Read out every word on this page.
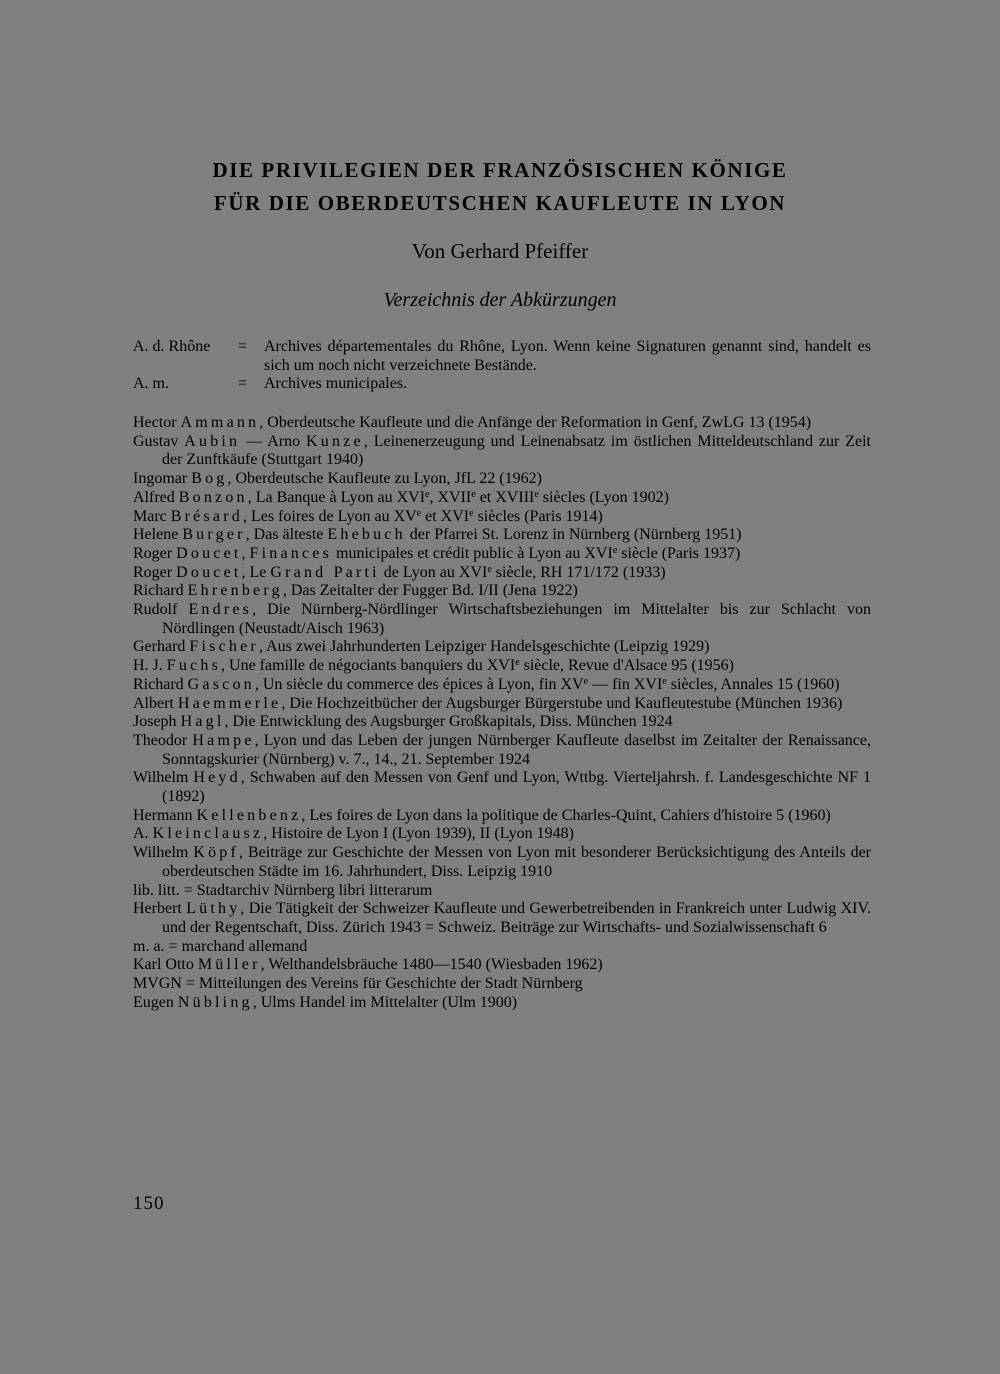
DIE PRIVILEGIEN DER FRANZÖSISCHEN KÖNIGE
FÜR DIE OBERDEUTSCHEN KAUFLEUTE IN LYON
Von Gerhard Pfeiffer
Verzeichnis der Abkürzungen
A. d. Rhône = Archives départementales du Rhône, Lyon. Wenn keine Signaturen genannt sind, handelt es sich um noch nicht verzeichnete Bestände.
A. m.	= Archives municipales.
Hector Ammann, Oberdeutsche Kaufleute und die Anfänge der Reformation in Genf, ZwLG 13 (1954)
Gustav Aubin — Arno Kunze, Leinenerzeugung und Leinenabsatz im östlichen Mitteldeutschland zur Zeit der Zunftkäufe (Stuttgart 1940)
Ingomar Bog, Oberdeutsche Kaufleute zu Lyon, JfL 22 (1962)
Alfred Bonzon, La Banque à Lyon au XVIe, XVIIe et XVIIIe siècles (Lyon 1902)
Marc Brésard, Les foires de Lyon au XVe et XVIe siècles (Paris 1914)
Helene Burger, Das älteste Ehebuch der Pfarrei St. Lorenz in Nürnberg (Nürnberg 1951)
Roger Doucet, Finances municipales et crédit public à Lyon au XVIe siècle (Paris 1937)
Roger Doucet, Le Grand Parti de Lyon au XVIe siècle, RH 171/172 (1933)
Richard Ehrenberg, Das Zeitalter der Fugger Bd. I/II (Jena 1922)
Rudolf Endres, Die Nürnberg-Nördlinger Wirtschaftsbeziehungen im Mittelalter bis zur Schlacht von Nördlingen (Neustadt/Aisch 1963)
Gerhard Fischer, Aus zwei Jahrhunderten Leipziger Handelsgeschichte (Leipzig 1929)
H. J. Fuchs, Une famille de négociants banquiers du XVIe siècle, Revue d'Alsace 95 (1956)
Richard Gascon, Un siècle du commerce des épices à Lyon, fin XVe — fin XVIe siècles, Annales 15 (1960)
Albert Haemmerle, Die Hochzeitbücher der Augsburger Bürgerstube und Kaufleutestube (München 1936)
Joseph Hagl, Die Entwicklung des Augsburger Großkapitals, Diss. München 1924
Theodor Hampe, Lyon und das Leben der jungen Nürnberger Kaufleute daselbst im Zeitalter der Renaissance, Sonntagskurier (Nürnberg) v. 7., 14., 21. September 1924
Wilhelm Heyd, Schwaben auf den Messen von Genf und Lyon, Wttbg. Vierteljahrsh. f. Landesgeschichte NF 1 (1892)
Hermann Kellenbenz, Les foires de Lyon dans la politique de Charles-Quint, Cahiers d'histoire 5 (1960)
A. Kleinclausz, Histoire de Lyon I (Lyon 1939), II (Lyon 1948)
Wilhelm Köpf, Beiträge zur Geschichte der Messen von Lyon mit besonderer Berücksichtigung des Anteils der oberdeutschen Städte im 16. Jahrhundert, Diss. Leipzig 1910
lib. litt. = Stadtarchiv Nürnberg libri litterarum
Herbert Lüthy, Die Tätigkeit der Schweizer Kaufleute und Gewerbetreibenden in Frankreich unter Ludwig XIV. und der Regentschaft, Diss. Zürich 1943 = Schweiz. Beiträge zur Wirtschafts- und Sozialwissenschaft 6
m. a. = marchand allemand
Karl Otto Müller, Welthandelsbräuche 1480—1540 (Wiesbaden 1962)
MVGN = Mitteilungen des Vereins für Geschichte der Stadt Nürnberg
Eugen Nübling, Ulms Handel im Mittelalter (Ulm 1900)
150
